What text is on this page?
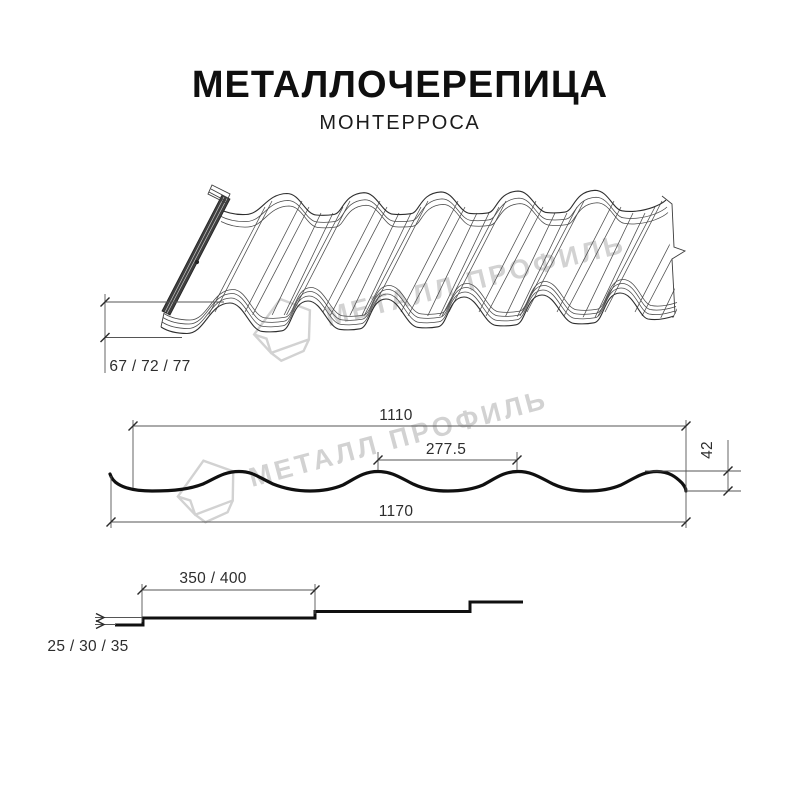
МЕТАЛЛОЧЕРЕПИЦА
МОНТЕРРОСА
67 / 72 / 77
1110
277.5	42
1170
350 / 400
25 / 30 / 35
